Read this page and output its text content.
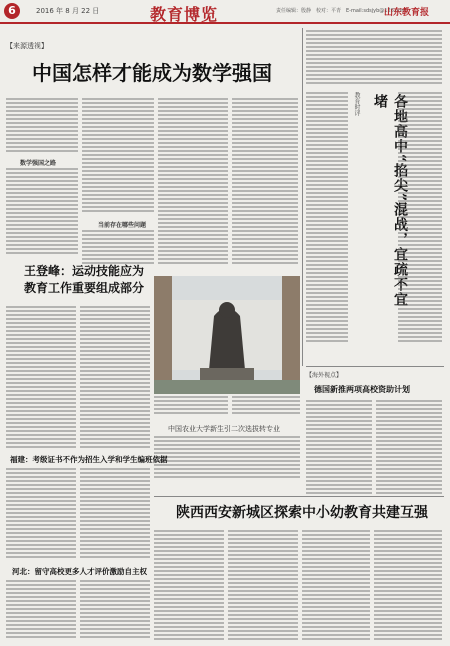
6	2016 年 8 月 22 日	教育博览	责任编辑：殷静　校对：平青　E-mail:sdsjyb@126.com
山东教育报
【来源透视】
中国怎样才能成为数学强国
数学强国之路
当前存在哪些问题
教育时评	各地高中“掐尖”混战，宜疏不宜堵
王登峰：运动技能应为
教育工作重要组成部分
中国农业大学新生引二次选拔转专业
【海外视点】
德国新推两项高校资助计划
福建：考级证书不作为招生入学和学生编班依据
陕西西安新城区探索中小幼教育共建互强
河北：留守高校更多人才评价激励自主权
